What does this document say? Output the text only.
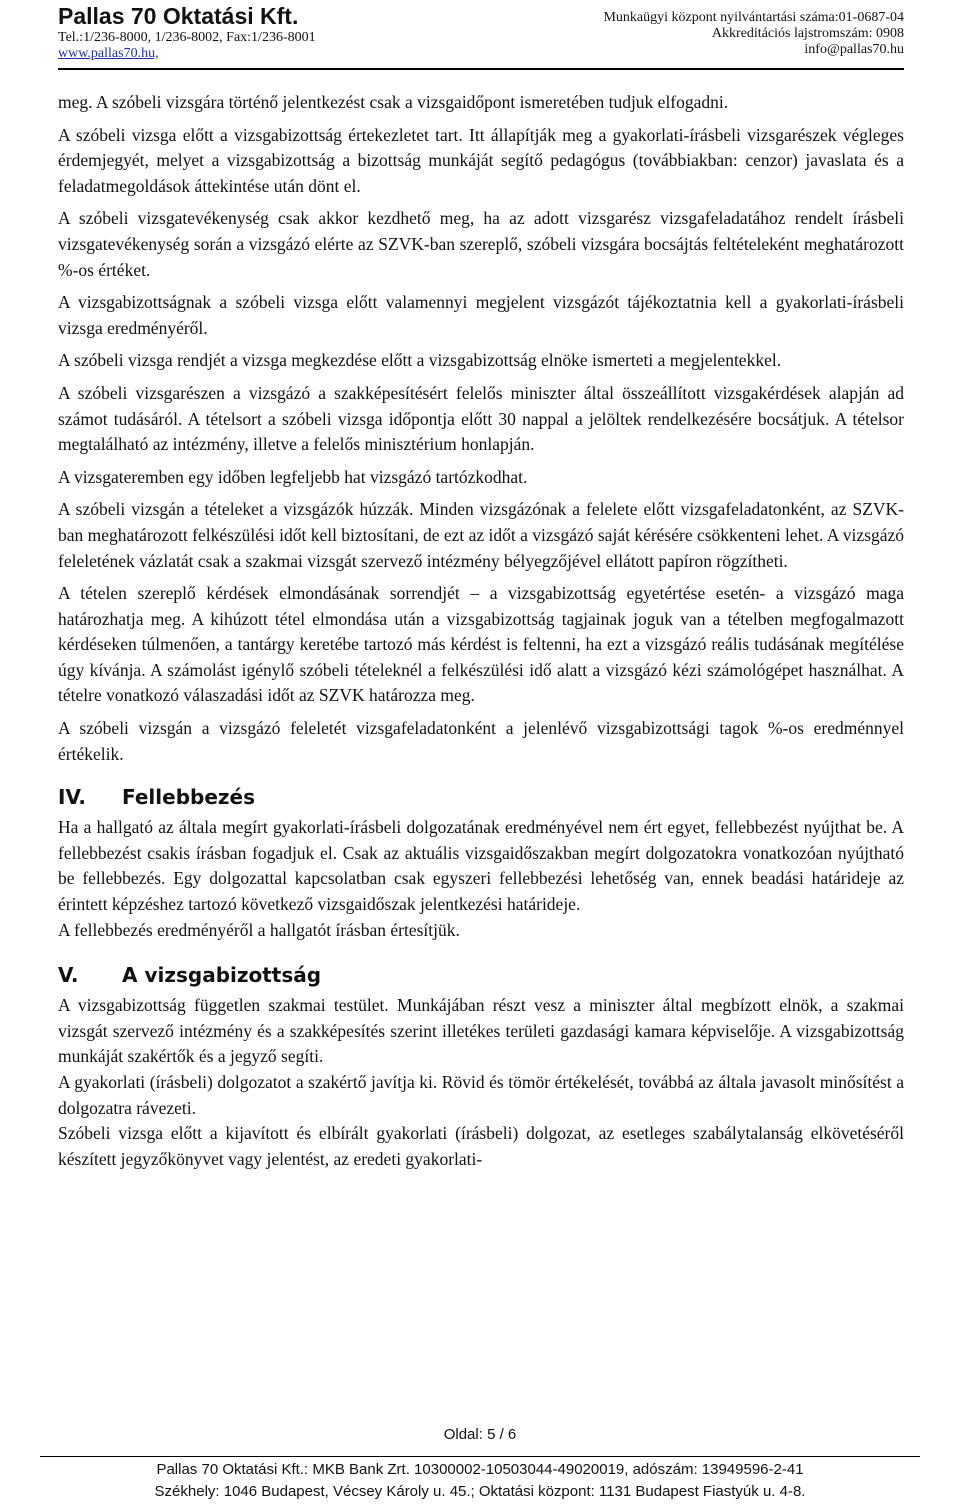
Pallas 70 Oktatási Kft.
Tel.:1/236-8000, 1/236-8002, Fax:1/236-8001
www.pallas70.hu,
Munkaügyi központ nyilvántartási száma:01-0687-04
Akkreditációs lajstromszám: 0908
info@pallas70.hu

meg. A szóbeli vizsgára történő jelentkezést csak a vizsgaidőpont ismeretében tudjuk elfogadni.

A szóbeli vizsga előtt a vizsgabizottság értekezletet tart. Itt állapítják meg a gyakorlati-írásbeli vizsgarészek végleges érdemjegyét, melyet a vizsgabizottság a bizottság munkáját segítő pedagógus (továbbiakban: cenzor) javaslata és a feladatmegoldások áttekintése után dönt el.

A szóbeli vizsgatevékenység csak akkor kezdhető meg, ha az adott vizsgarész vizsgafeladatához rendelt írásbeli vizsgatevékenység során a vizsgázó elérte az SZVK-ban szereplő, szóbeli vizsgára bocsájtás feltételeként meghatározott %-os értéket.

A vizsgabizottságnak a szóbeli vizsga előtt valamennyi megjelent vizsgázót tájékoztatnia kell a gyakorlati-írásbeli vizsga eredményéről.

A szóbeli vizsga rendjét a vizsga megkezdése előtt a vizsgabizottság elnöke ismerteti a megjelentekkel.

A szóbeli vizsgarészen a vizsgázó a szakképesítésért felelős miniszter által összeállított vizsgakérdések alapján ad számot tudásáról. A tételsort a szóbeli vizsga időpontja előtt 30 nappal a jelöltek rendelkezésére bocsátjuk. A tételsor megtalálható az intézmény, illetve a felelős minisztérium honlapján.

A vizsgateremben egy időben legfeljebb hat vizsgázó tartózkodhat.

A szóbeli vizsgán a tételeket a vizsgázók húzzák. Minden vizsgázónak a felelete előtt vizsgafeladatonként, az SZVK-ban meghatározott felkészülési időt kell biztosítani, de ezt az időt a vizsgázó saját kérésére csökkenteni lehet. A vizsgázó feleletének vázlatát csak a szakmai vizsgát szervező intézmény bélyegzőjével ellátott papíron rögzítheti.

A tételen szereplő kérdések elmondásának sorrendjét – a vizsgabizottság egyetértése esetén- a vizsgázó maga határozhatja meg. A kihúzott tétel elmondása után a vizsgabizottság tagjainak joguk van a tételben megfogalmazott kérdéseken túlmenően, a tantárgy keretébe tartozó más kérdést is feltenni, ha ezt a vizsgázó reális tudásának megítélése úgy kívánja. A számolást igénylő szóbeli tételeknél a felkészülési idő alatt a vizsgázó kézi számológépet használhat. A tételre vonatkozó válaszadási időt az SZVK határozza meg.

A szóbeli vizsgán a vizsgázó feleletét vizsgafeladatonként a jelenlévő vizsgabizottsági tagok %-os eredménnyel értékelik.

IV.	Fellebbezés

Ha a hallgató az általa megírt gyakorlati-írásbeli dolgozatának eredményével nem ért egyet, fellebbezést nyújthat be. A fellebbezést csakis írásban fogadjuk el. Csak az aktuális vizsgaidőszakban megírt dolgozatokra vonatkozóan nyújtható be fellebbezés. Egy dolgozattal kapcsolatban csak egyszeri fellebbezési lehetőség van, ennek beadási határideje az érintett képzéshez tartozó következő vizsgaidőszak jelentkezési határideje.

A fellebbezés eredményéről a hallgatót írásban értesítjük.

V.	A vizsgabizottság

A vizsgabizottság független szakmai testület. Munkájában részt vesz a miniszter által megbízott elnök, a szakmai vizsgát szervező intézmény és a szakképesítés szerint illetékes területi gazdasági kamara képviselője. A vizsgabizottság munkáját szakértők és a jegyző segíti.

A gyakorlati (írásbeli) dolgozatot a szakértő javítja ki. Rövid és tömör értékelését, továbbá az általa javasolt minősítést a dolgozatra rávezeti.

Szóbeli vizsga előtt a kijavított és elbírált gyakorlati (írásbeli) dolgozat, az esetleges szabálytalanság elkövetéséről készített jegyzőkönyvet vagy jelentést, az eredeti gyakorlati-

Oldal: 5 / 6
Pallas 70 Oktatási Kft.: MKB Bank Zrt. 10300002-10503044-49020019, adószám: 13949596-2-41
Székhely: 1046 Budapest, Vécsey Károly u. 45.; Oktatási központ: 1131 Budapest Fiastyúk u. 4-8.
